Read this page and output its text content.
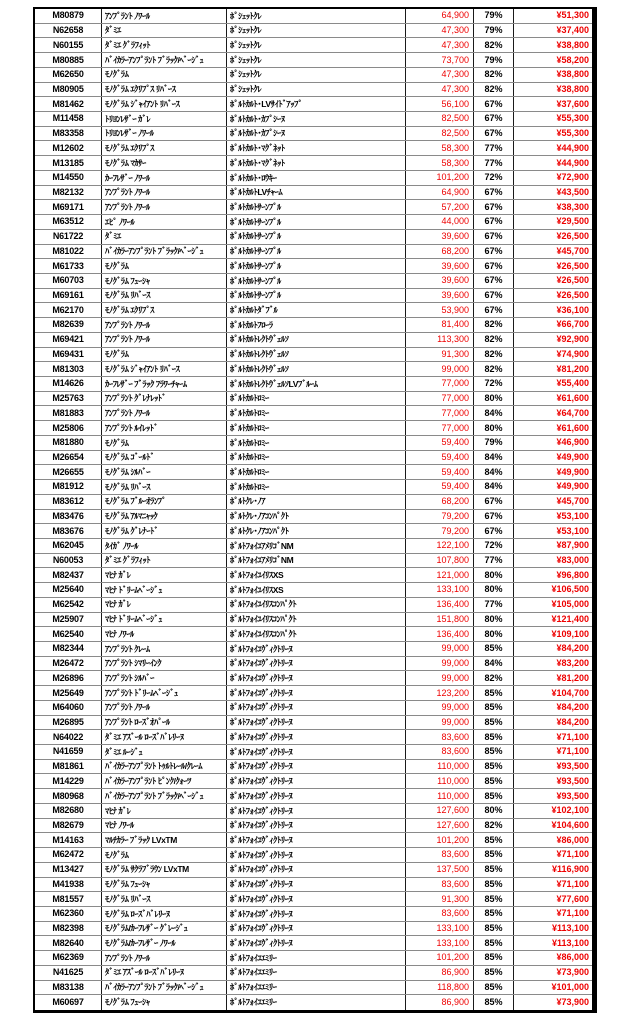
M80879	ｱﾝﾌﾟﾗﾝﾄ ﾉﾜｰﾙ	ﾎﾟｼｪｯﾄｸﾚ	64,900	79%	¥51,300
N62658	ﾀﾞﾐｴ	ﾎﾟｼｪｯﾄｸﾚ	47,300	79%	¥37,400
N60155	ﾀﾞﾐｴ ｸﾞﾗﾌｨｯﾄ	ﾎﾟｼｪｯﾄｸﾚ	47,300	82%	¥38,800
M80885	ﾊﾞｲｶﾗｰｱﾝﾌﾟﾗﾝﾄ ﾌﾞﾗｯｸ/ﾍﾞｰｼﾞｭ	ﾎﾟｼｪｯﾄｸﾚ	73,700	79%	¥58,200
M62650	ﾓﾉｸﾞﾗﾑ	ﾎﾟｼｪｯﾄｸﾚ	47,300	82%	¥38,800
M80905	ﾓﾉｸﾞﾗﾑ ｴｸﾘﾌﾟｽ ﾘﾊﾞｰｽ	ﾎﾟｼｪｯﾄｸﾚ	47,300	82%	¥38,800
M81462	ﾓﾉｸﾞﾗﾑ ｼﾞｬｲｱﾝﾄ ﾘﾊﾞｰｽ	ﾎﾟﾙﾄｶﾙﾄ･LVｻｲﾄﾞｱｯﾌﾟ	56,100	67%	¥37,600
M11458	ﾄﾘﾖﾝﾚｻﾞｰ ｶﾞﾚ	ﾎﾟﾙﾄｶﾙﾄ･ｶﾌﾟｼｰﾇ	82,500	67%	¥55,300
M83358	ﾄﾘﾖﾝﾚｻﾞｰ ﾉﾜｰﾙ	ﾎﾟﾙﾄｶﾙﾄ･ｶﾌﾟｼｰﾇ	82,500	67%	¥55,300
M12602	ﾓﾉｸﾞﾗﾑ ｴｸﾘﾌﾟｽ	ﾎﾟﾙﾄｶﾙﾄ･ﾏｸﾞﾈｯﾄ	58,300	77%	¥44,900
M13185	ﾓﾉｸﾞﾗﾑ ﾏｶｻｰ	ﾎﾟﾙﾄｶﾙﾄ･ﾏｸﾞﾈｯﾄ	58,300	77%	¥44,900
M14550	ｶｰﾌﾚｻﾞｰ ﾉﾜｰﾙ	ﾎﾟﾙﾄｶﾙﾄ･ﾛｳｷｰ	101,200	72%	¥72,900
M82132	ｱﾝﾌﾟﾗﾝﾄ ﾉﾜｰﾙ	ﾎﾟﾙﾄｶﾙﾄLVﾁｬｰﾑ	64,900	67%	¥43,500
M69171	ｱﾝﾌﾟﾗﾝﾄ ﾉﾜｰﾙ	ﾎﾟﾙﾄｶﾙﾄｻｰﾝﾌﾟﾙ	57,200	67%	¥38,300
M63512	ｴﾋﾟ ﾉﾜｰﾙ	ﾎﾟﾙﾄｶﾙﾄｻｰﾝﾌﾟﾙ	44,000	67%	¥29,500
N61722	ﾀﾞﾐｴ	ﾎﾟﾙﾄｶﾙﾄｻｰﾝﾌﾟﾙ	39,600	67%	¥26,500
M81022	ﾊﾞｲｶﾗｰｱﾝﾌﾟﾗﾝﾄ ﾌﾞﾗｯｸ/ﾍﾞｰｼﾞｭ	ﾎﾟﾙﾄｶﾙﾄｻｰﾝﾌﾟﾙ	68,200	67%	¥45,700
M61733	ﾓﾉｸﾞﾗﾑ	ﾎﾟﾙﾄｶﾙﾄｻｰﾝﾌﾟﾙ	39,600	67%	¥26,500
M60703	ﾓﾉｸﾞﾗﾑ ﾌｭｰｼｬ	ﾎﾟﾙﾄｶﾙﾄｻｰﾝﾌﾟﾙ	39,600	67%	¥26,500
M69161	ﾓﾉｸﾞﾗﾑ ﾘﾊﾞｰｽ	ﾎﾟﾙﾄｶﾙﾄｻｰﾝﾌﾟﾙ	39,600	67%	¥26,500
M62170	ﾓﾉｸﾞﾗﾑ ｴｸﾘﾌﾟｽ	ﾎﾟﾙﾄｶﾙﾄﾀﾞﾌﾞﾙ	53,900	67%	¥36,100
M82639	ｱﾝﾌﾟﾗﾝﾄ ﾉﾜｰﾙ	ﾎﾟﾙﾄｶﾙﾄﾌﾛｰﾗ	81,400	82%	¥66,700
M69421	ｱﾝﾌﾟﾗﾝﾄ ﾉﾜｰﾙ	ﾎﾟﾙﾄｶﾙﾄﾚｸﾄｳﾞｪﾙｿ	113,300	82%	¥92,900
M69431	ﾓﾉｸﾞﾗﾑ	ﾎﾟﾙﾄｶﾙﾄﾚｸﾄｳﾞｪﾙｿ	91,300	82%	¥74,900
M81303	ﾓﾉｸﾞﾗﾑ ｼﾞｬｲｱﾝﾄ ﾘﾊﾞｰｽ	ﾎﾟﾙﾄｶﾙﾄﾚｸﾄｳﾞｪﾙｿ	99,000	82%	¥81,200
M14626	ｶｰﾌﾚｻﾞｰ ﾌﾞﾗｯｸ ﾌﾗﾜｰﾁｬｰﾑ	ﾎﾟﾙﾄｶﾙﾄﾚｸﾄｳﾞｪﾙｿLVﾌﾞﾙｰﾑ	77,000	72%	¥55,400
M25763	ｱﾝﾌﾟﾗﾝﾄ ｸﾞﾚﾅﾚｯﾄﾞ	ﾎﾟﾙﾄｶﾙﾄﾛﾐｰ	77,000	80%	¥61,600
M81883	ｱﾝﾌﾟﾗﾝﾄ ﾉﾜｰﾙ	ﾎﾟﾙﾄｶﾙﾄﾛﾐｰ	77,000	84%	¥64,700
M25806	ｱﾝﾌﾟﾗﾝﾄ ﾙｲﾚｯﾄﾞ	ﾎﾟﾙﾄｶﾙﾄﾛﾐｰ	77,000	80%	¥61,600
M81880	ﾓﾉｸﾞﾗﾑ	ﾎﾟﾙﾄｶﾙﾄﾛﾐｰ	59,400	79%	¥46,900
M26654	ﾓﾉｸﾞﾗﾑ ｺﾞｰﾙﾄﾞ	ﾎﾟﾙﾄｶﾙﾄﾛﾐｰ	59,400	84%	¥49,900
M26655	ﾓﾉｸﾞﾗﾑ ｼﾙﾊﾞｰ	ﾎﾟﾙﾄｶﾙﾄﾛﾐｰ	59,400	84%	¥49,900
M81912	ﾓﾉｸﾞﾗﾑ ﾘﾊﾞｰｽ	ﾎﾟﾙﾄｶﾙﾄﾛﾐｰ	59,400	84%	¥49,900
M83612	ﾓﾉｸﾞﾗﾑ ﾌﾞﾙｰｵﾗﾝﾌﾟ	ﾎﾟﾙﾄｸﾚ･ﾉｱ	68,200	67%	¥45,700
M83476	ﾓﾉｸﾞﾗﾑ ｱﾙﾏﾆｬｯｸ	ﾎﾟﾙﾄｸﾚ･ﾉｱｺﾝﾊﾟｸﾄ	79,200	67%	¥53,100
M83676	ﾓﾉｸﾞﾗﾑ ｸﾞﾚﾅｰﾄﾞ	ﾎﾟﾙﾄｸﾚ･ﾉｱｺﾝﾊﾟｸﾄ	79,200	67%	¥53,100
M62045	ﾀｲｶﾞ ﾉﾜｰﾙ	ﾎﾟﾙﾄﾌｫｲﾕｱﾒﾘｺﾞNM	122,100	72%	¥87,900
N60053	ﾀﾞﾐｴ ｸﾞﾗﾌｨｯﾄ	ﾎﾟﾙﾄﾌｫｲﾕｱﾒﾘｺﾞNM	107,800	77%	¥83,000
M82437	ﾏﾋﾅ ｶﾞﾚ	ﾎﾟﾙﾄﾌｫｲﾕｲﾘｽXS	121,000	80%	¥96,800
M25640	ﾏﾋﾅ ﾄﾞﾘｰﾑﾍﾞｰｼﾞｭ	ﾎﾟﾙﾄﾌｫｲﾕｲﾘｽXS	133,100	80%	¥106,500
M62542	ﾏﾋﾅ ｶﾞﾚ	ﾎﾟﾙﾄﾌｫｲﾕｲﾘｽｺﾝﾊﾟｸﾄ	136,400	77%	¥105,000
M25907	ﾏﾋﾅ ﾄﾞﾘｰﾑﾍﾞｰｼﾞｭ	ﾎﾟﾙﾄﾌｫｲﾕｲﾘｽｺﾝﾊﾟｸﾄ	151,800	80%	¥121,400
M62540	ﾏﾋﾅ ﾉﾜｰﾙ	ﾎﾟﾙﾄﾌｫｲﾕｲﾘｽｺﾝﾊﾟｸﾄ	136,400	80%	¥109,100
M82344	ｱﾝﾌﾟﾗﾝﾄ ｸﾚｰﾑ	ﾎﾟﾙﾄﾌｫｲﾕｳﾞｨｸﾄﾘｰﾇ	99,000	85%	¥84,200
M26472	ｱﾝﾌﾟﾗﾝﾄ ｼﾏﾘｰｲﾝｸ	ﾎﾟﾙﾄﾌｫｲﾕｳﾞｨｸﾄﾘｰﾇ	99,000	84%	¥83,200
M26896	ｱﾝﾌﾟﾗﾝﾄ ｼﾙﾊﾞｰ	ﾎﾟﾙﾄﾌｫｲﾕｳﾞｨｸﾄﾘｰﾇ	99,000	82%	¥81,200
M25649	ｱﾝﾌﾟﾗﾝﾄ ﾄﾞﾘｰﾑﾍﾞｰｼﾞｭ	ﾎﾟﾙﾄﾌｫｲﾕｳﾞｨｸﾄﾘｰﾇ	123,200	85%	¥104,700
M64060	ｱﾝﾌﾟﾗﾝﾄ ﾉﾜｰﾙ	ﾎﾟﾙﾄﾌｫｲﾕｳﾞｨｸﾄﾘｰﾇ	99,000	85%	¥84,200
M26895	ｱﾝﾌﾟﾗﾝﾄ ﾛｰｽﾞｵﾊﾟｰﾙ	ﾎﾟﾙﾄﾌｫｲﾕｳﾞｨｸﾄﾘｰﾇ	99,000	85%	¥84,200
N64022	ﾀﾞﾐｴ ｱｽﾞｰﾙ ﾛｰｽﾞﾊﾞﾚﾘｰﾇ	ﾎﾟﾙﾄﾌｫｲﾕｳﾞｨｸﾄﾘｰﾇ	83,600	85%	¥71,100
N41659	ﾀﾞﾐｴ ﾙｰｼﾞｭ	ﾎﾟﾙﾄﾌｫｲﾕｳﾞｨｸﾄﾘｰﾇ	83,600	85%	¥71,100
M81861	ﾊﾞｲｶﾗｰｱﾝﾌﾟﾗﾝﾄ ﾄｩﾙﾄﾚｰﾙ/ｸﾚｰﾑ	ﾎﾟﾙﾄﾌｫｲﾕｳﾞｨｸﾄﾘｰﾇ	110,000	85%	¥93,500
M14229	ﾊﾞｲｶﾗｰｱﾝﾌﾟﾗﾝﾄ ﾋﾟﾝｸ/ｸｫｰﾂ	ﾎﾟﾙﾄﾌｫｲﾕｳﾞｨｸﾄﾘｰﾇ	110,000	85%	¥93,500
M80968	ﾊﾞｲｶﾗｰｱﾝﾌﾟﾗﾝﾄ ﾌﾞﾗｯｸ/ﾍﾞｰｼﾞｭ	ﾎﾟﾙﾄﾌｫｲﾕｳﾞｨｸﾄﾘｰﾇ	110,000	85%	¥93,500
M82680	ﾏﾋﾅ ｶﾞﾚ	ﾎﾟﾙﾄﾌｫｲﾕｳﾞｨｸﾄﾘｰﾇ	127,600	80%	¥102,100
M82679	ﾏﾋﾅ ﾉﾜｰﾙ	ﾎﾟﾙﾄﾌｫｲﾕｳﾞｨｸﾄﾘｰﾇ	127,600	82%	¥104,600
M14163	ﾏﾙﾁｶﾗｰ ﾌﾞﾗｯｸ LVxTM	ﾎﾟﾙﾄﾌｫｲﾕｳﾞｨｸﾄﾘｰﾇ	101,200	85%	¥86,000
M62472	ﾓﾉｸﾞﾗﾑ	ﾎﾟﾙﾄﾌｫｲﾕｳﾞｨｸﾄﾘｰﾇ	83,600	85%	¥71,100
M13427	ﾓﾉｸﾞﾗﾑ ｻｸﾗﾌﾞﾗｳﾝ LVxTM	ﾎﾟﾙﾄﾌｫｲﾕｳﾞｨｸﾄﾘｰﾇ	137,500	85%	¥116,900
M41938	ﾓﾉｸﾞﾗﾑ ﾌｭｰｼｬ	ﾎﾟﾙﾄﾌｫｲﾕｳﾞｨｸﾄﾘｰﾇ	83,600	85%	¥71,100
M81557	ﾓﾉｸﾞﾗﾑ ﾘﾊﾞｰｽ	ﾎﾟﾙﾄﾌｫｲﾕｳﾞｨｸﾄﾘｰﾇ	91,300	85%	¥77,600
M62360	ﾓﾉｸﾞﾗﾑ ﾛｰｽﾞﾊﾞﾚﾘｰﾇ	ﾎﾟﾙﾄﾌｫｲﾕｳﾞｨｸﾄﾘｰﾇ	83,600	85%	¥71,100
M82398	ﾓﾉｸﾞﾗﾑ/ｶｰﾌﾚｻﾞｰ ｸﾞﾚｰｼﾞｭ	ﾎﾟﾙﾄﾌｫｲﾕｳﾞｨｸﾄﾘｰﾇ	133,100	85%	¥113,100
M82640	ﾓﾉｸﾞﾗﾑ/ｶｰﾌﾚｻﾞｰ ﾉﾜｰﾙ	ﾎﾟﾙﾄﾌｫｲﾕｳﾞｨｸﾄﾘｰﾇ	133,100	85%	¥113,100
M62369	ｱﾝﾌﾟﾗﾝﾄ ﾉﾜｰﾙ	ﾎﾟﾙﾄﾌｫｲﾕｴﾐﾘｰ	101,200	85%	¥86,000
N41625	ﾀﾞﾐｴ ｱｽﾞｰﾙ ﾛｰｽﾞﾊﾞﾚﾘｰﾇ	ﾎﾟﾙﾄﾌｫｲﾕｴﾐﾘｰ	86,900	85%	¥73,900
M83138	ﾊﾞｲｶﾗｰｱﾝﾌﾟﾗﾝﾄ ﾌﾞﾗｯｸ/ﾍﾞｰｼﾞｭ	ﾎﾟﾙﾄﾌｫｲﾕｴﾐﾘｰ	118,800	85%	¥101,000
M60697	ﾓﾉｸﾞﾗﾑ ﾌｭｰｼｬ	ﾎﾟﾙﾄﾌｫｲﾕｴﾐﾘｰ	86,900	85%	¥73,900
